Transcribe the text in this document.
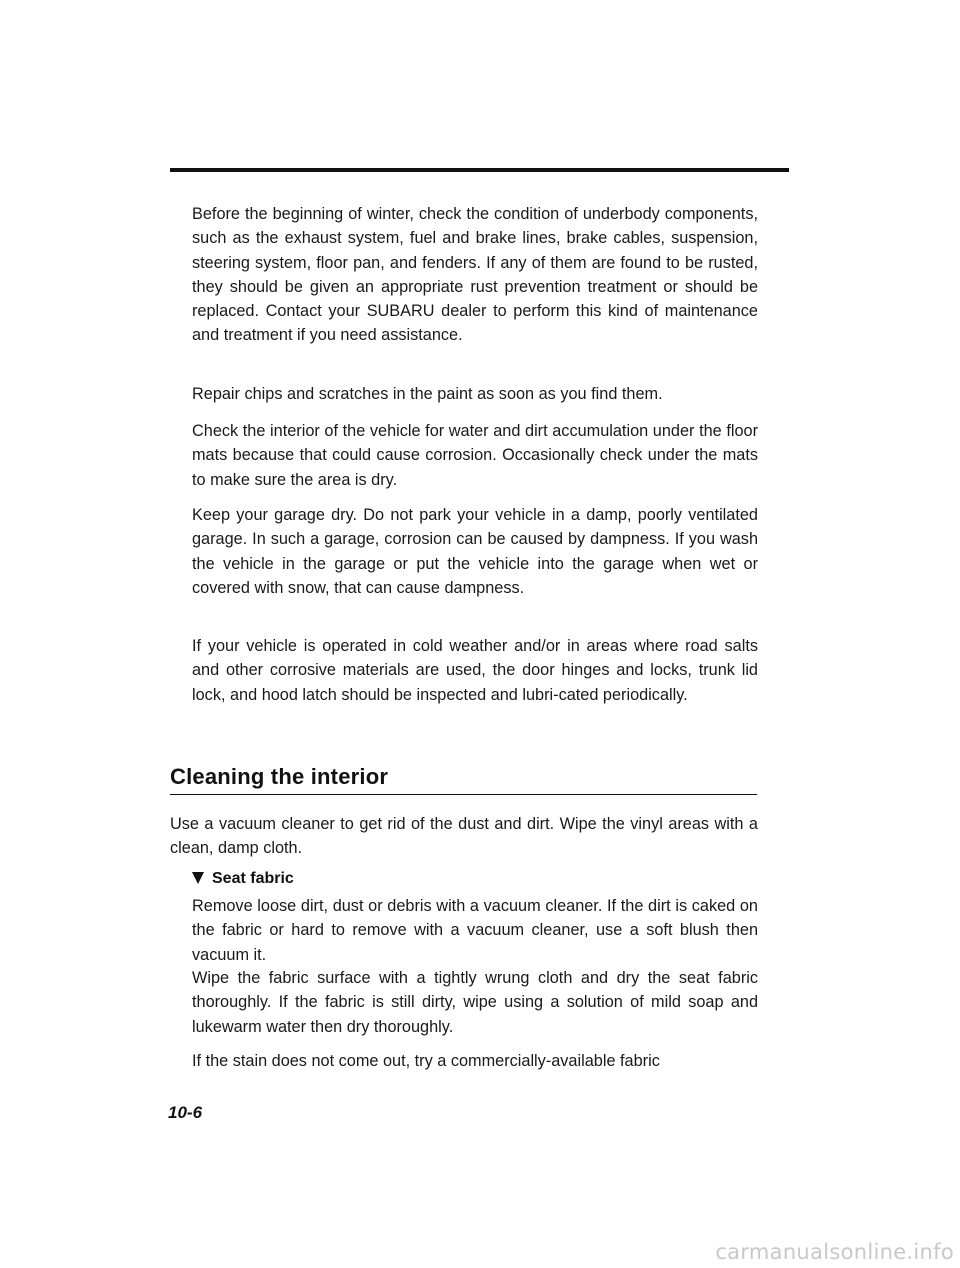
Before the beginning of winter, check the condition of underbody components, such as the exhaust system, fuel and brake lines, brake cables, suspension, steering system, floor pan, and fenders. If any of them are found to be rusted, they should be given an appropriate rust prevention treatment or should be replaced. Contact your SUBARU dealer to perform this kind of maintenance and treatment if you need assistance.

Repair chips and scratches in the paint as soon as you find them.

Check the interior of the vehicle for water and dirt accumulation under the floor mats because that could cause corrosion. Occasionally check under the mats to make sure the area is dry.

Keep your garage dry. Do not park your vehicle in a damp, poorly ventilated garage. In such a garage, corrosion can be caused by dampness. If you wash the vehicle in the garage or put the vehicle into the garage when wet or covered with snow, that can cause dampness.

If your vehicle is operated in cold weather and/or in areas where road salts and other corrosive materials are used, the door hinges and locks, trunk lid lock, and hood latch should be inspected and lubri-cated periodically.

Cleaning the interior

Use a vacuum cleaner to get rid of the dust and dirt. Wipe the vinyl areas with a clean, damp cloth.

Seat fabric

Remove loose dirt, dust or debris with a vacuum cleaner. If the dirt is caked on the fabric or hard to remove with a vacuum cleaner, use a soft blush then vacuum it.

Wipe the fabric surface with a tightly wrung cloth and dry the seat fabric thoroughly. If the fabric is still dirty, wipe using a solution of mild soap and lukewarm water then dry thoroughly.

If the stain does not come out, try a commercially-available fabric

10-6

carmanualsonline.info
